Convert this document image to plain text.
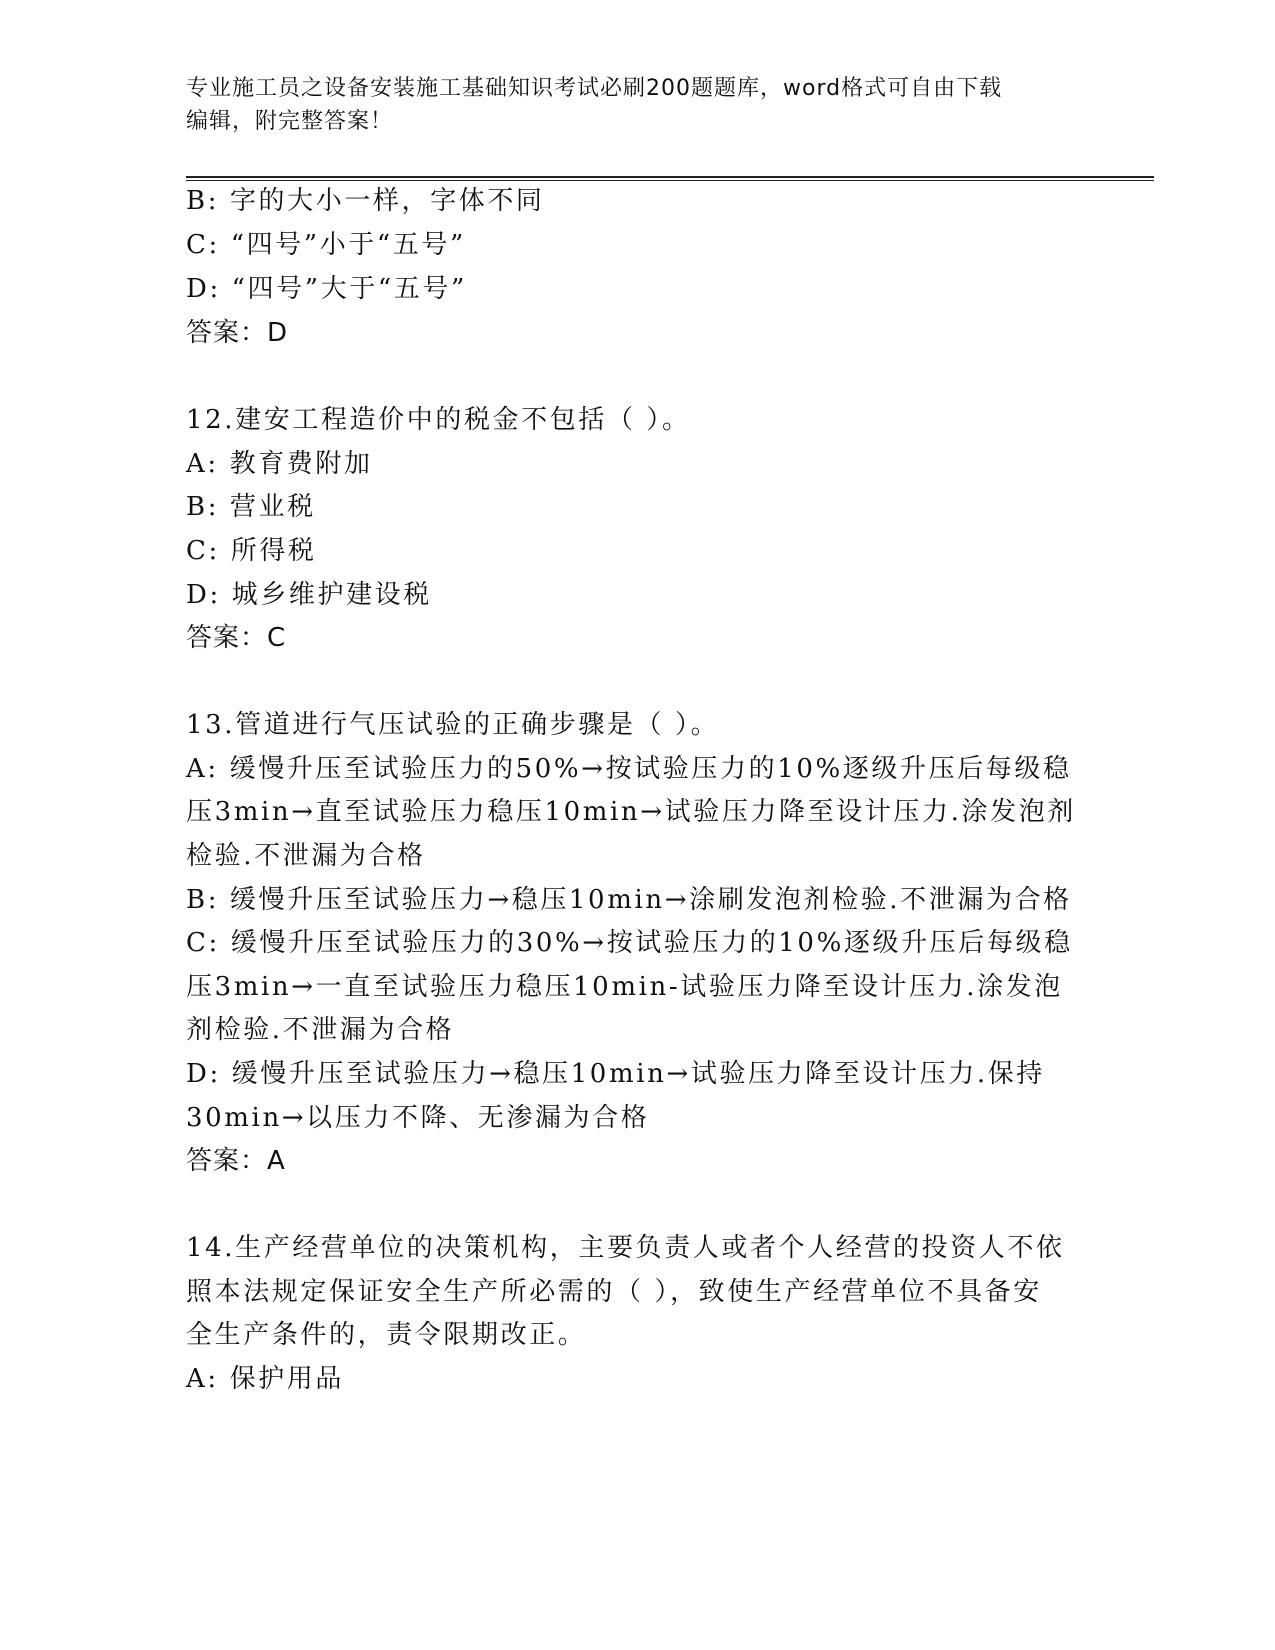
专业施工员之设备安装施工基础知识考试必刷200题题库，word格式可自由下载
编辑，附完整答案！
B: 字的大小一样，字体不同
C: “四号”小于“五号”
D: “四号”大于“五号”
答案：D
12.建安工程造价中的税金不包括（ ）。
A: 教育费附加
B: 营业税
C: 所得税
D: 城乡维护建设税
答案：C
13.管道进行气压试验的正确步骤是（ ）。
A: 缓慢升压至试验压力的50%→按试验压力的10%逐级升压后每级稳
压3min→直至试验压力稳压10min→试验压力降至设计压力.涂发泡剂
检验.不泄漏为合格
B: 缓慢升压至试验压力→稳压10min→涂刷发泡剂检验.不泄漏为合格
C: 缓慢升压至试验压力的30%→按试验压力的10%逐级升压后每级稳
压3min→一直至试验压力稳压10min-试验压力降至设计压力.涂发泡
剂检验.不泄漏为合格
D: 缓慢升压至试验压力→稳压10min→试验压力降至设计压力.保持
30min→以压力不降、无渗漏为合格
答案：A
14.生产经营单位的决策机构，主要负责人或者个人经营的投资人不依
照本法规定保证安全生产所必需的（ ），致使生产经营单位不具备安
全生产条件的，责令限期改正。
A: 保护用品
